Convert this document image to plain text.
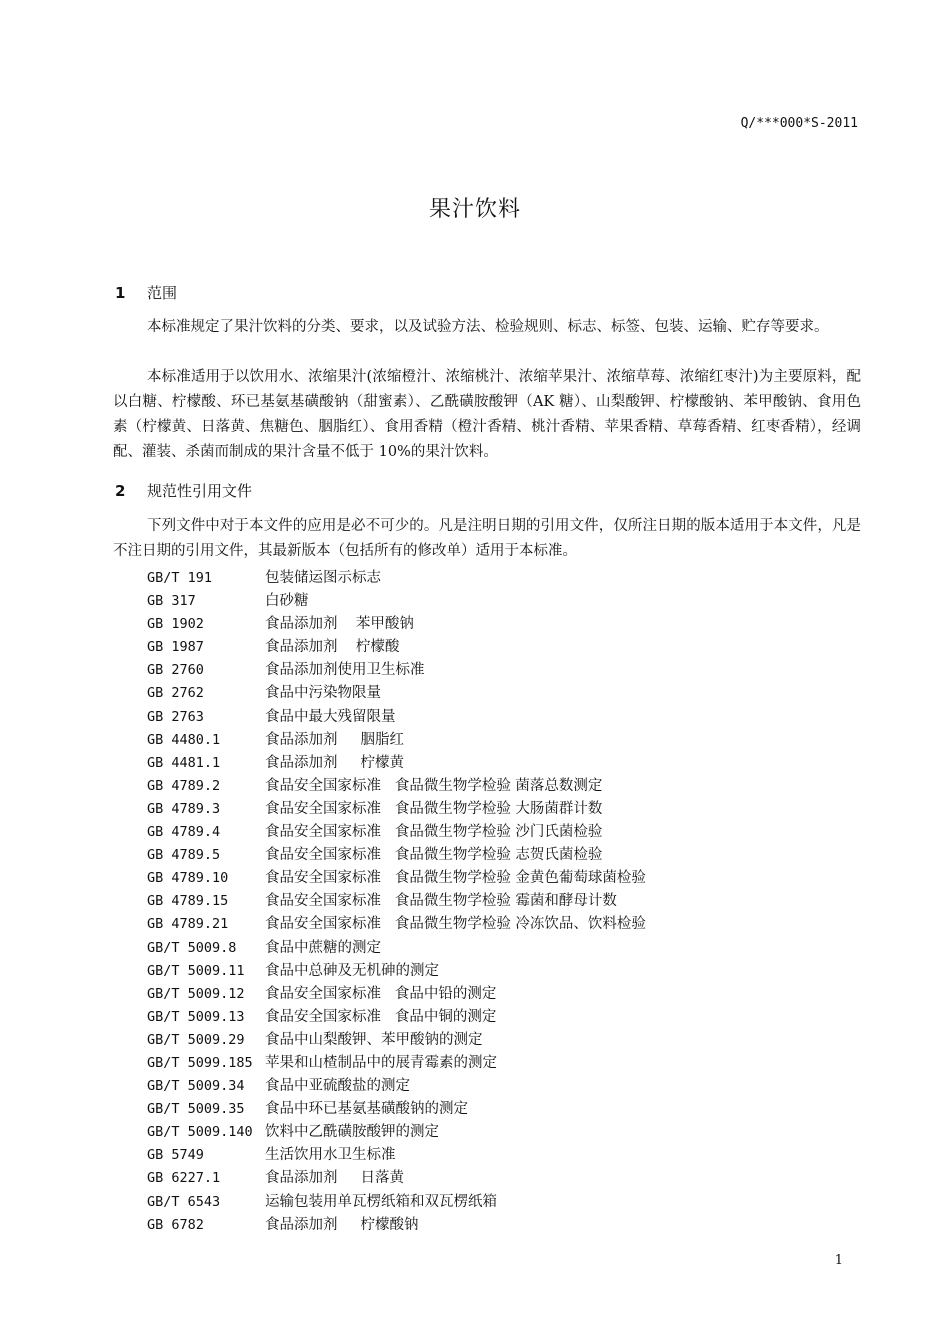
Q/***000*S-2011
果汁饮料
1 范围
本标准规定了果汁饮料的分类、要求，以及试验方法、检验规则、标志、标签、包装、运输、贮存等要求。
本标准适用于以饮用水、浓缩果汁(浓缩橙汁、浓缩桃汁、浓缩苹果汁、浓缩草莓、浓缩红枣汁)为主要原料，配以白糖、柠檬酸、环已基氨基磺酸钠（甜蜜素）、乙酰磺胺酸钾（AK 糖）、山梨酸钾、柠檬酸钠、苯甲酸钠、食用色素（柠檬黄、日落黄、焦糖色、胭脂红）、食用香精（橙汁香精、桃汁香精、苹果香精、草莓香精、红枣香精），经调配、灌装、杀菌而制成的果汁含量不低于 10%的果汁饮料。
2 规范性引用文件
下列文件中对于本文件的应用是必不可少的。凡是注明日期的引用文件，仅所注日期的版本适用于本文件，凡是不注日期的引用文件，其最新版本（包括所有的修改单）适用于本标准。
GB/T 191	包装储运图示标志
GB 317	白砂糖
GB 1902	食品添加剂    苯甲酸钠
GB 1987	食品添加剂    柠檬酸
GB 2760	食品添加剂使用卫生标准
GB 2762	食品中污染物限量
GB 2763	食品中最大残留限量
GB 4480.1	食品添加剂     胭脂红
GB 4481.1	食品添加剂     柠檬黄
GB 4789.2	食品安全国家标准   食品微生物学检验 菌落总数测定
GB 4789.3	食品安全国家标准   食品微生物学检验 大肠菌群计数
GB 4789.4	食品安全国家标准   食品微生物学检验 沙门氏菌检验
GB 4789.5	食品安全国家标准   食品微生物学检验 志贺氏菌检验
GB 4789.10	食品安全国家标准   食品微生物学检验 金黄色葡萄球菌检验
GB 4789.15	食品安全国家标准   食品微生物学检验 霉菌和酵母计数
GB 4789.21	食品安全国家标准   食品微生物学检验 冷冻饮品、饮料检验
GB/T 5009.8	食品中蔗糖的测定
GB/T 5009.11	食品中总砷及无机砷的测定
GB/T 5009.12	食品安全国家标准   食品中铅的测定
GB/T 5009.13	食品安全国家标准   食品中铜的测定
GB/T 5009.29	食品中山梨酸钾、苯甲酸钠的测定
GB/T 5099.185 苹果和山楂制品中的展青霉素的测定
GB/T 5009.34	食品中亚硫酸盐的测定
GB/T 5009.35	食品中环已基氨基磺酸钠的测定
GB/T 5009.140 饮料中乙酰磺胺酸钾的测定
GB 5749	生活饮用水卫生标准
GB 6227.1	食品添加剂     日落黄
GB/T 6543	运输包装用单瓦楞纸箱和双瓦楞纸箱
GB 6782	食品添加剂     柠檬酸钠
1
